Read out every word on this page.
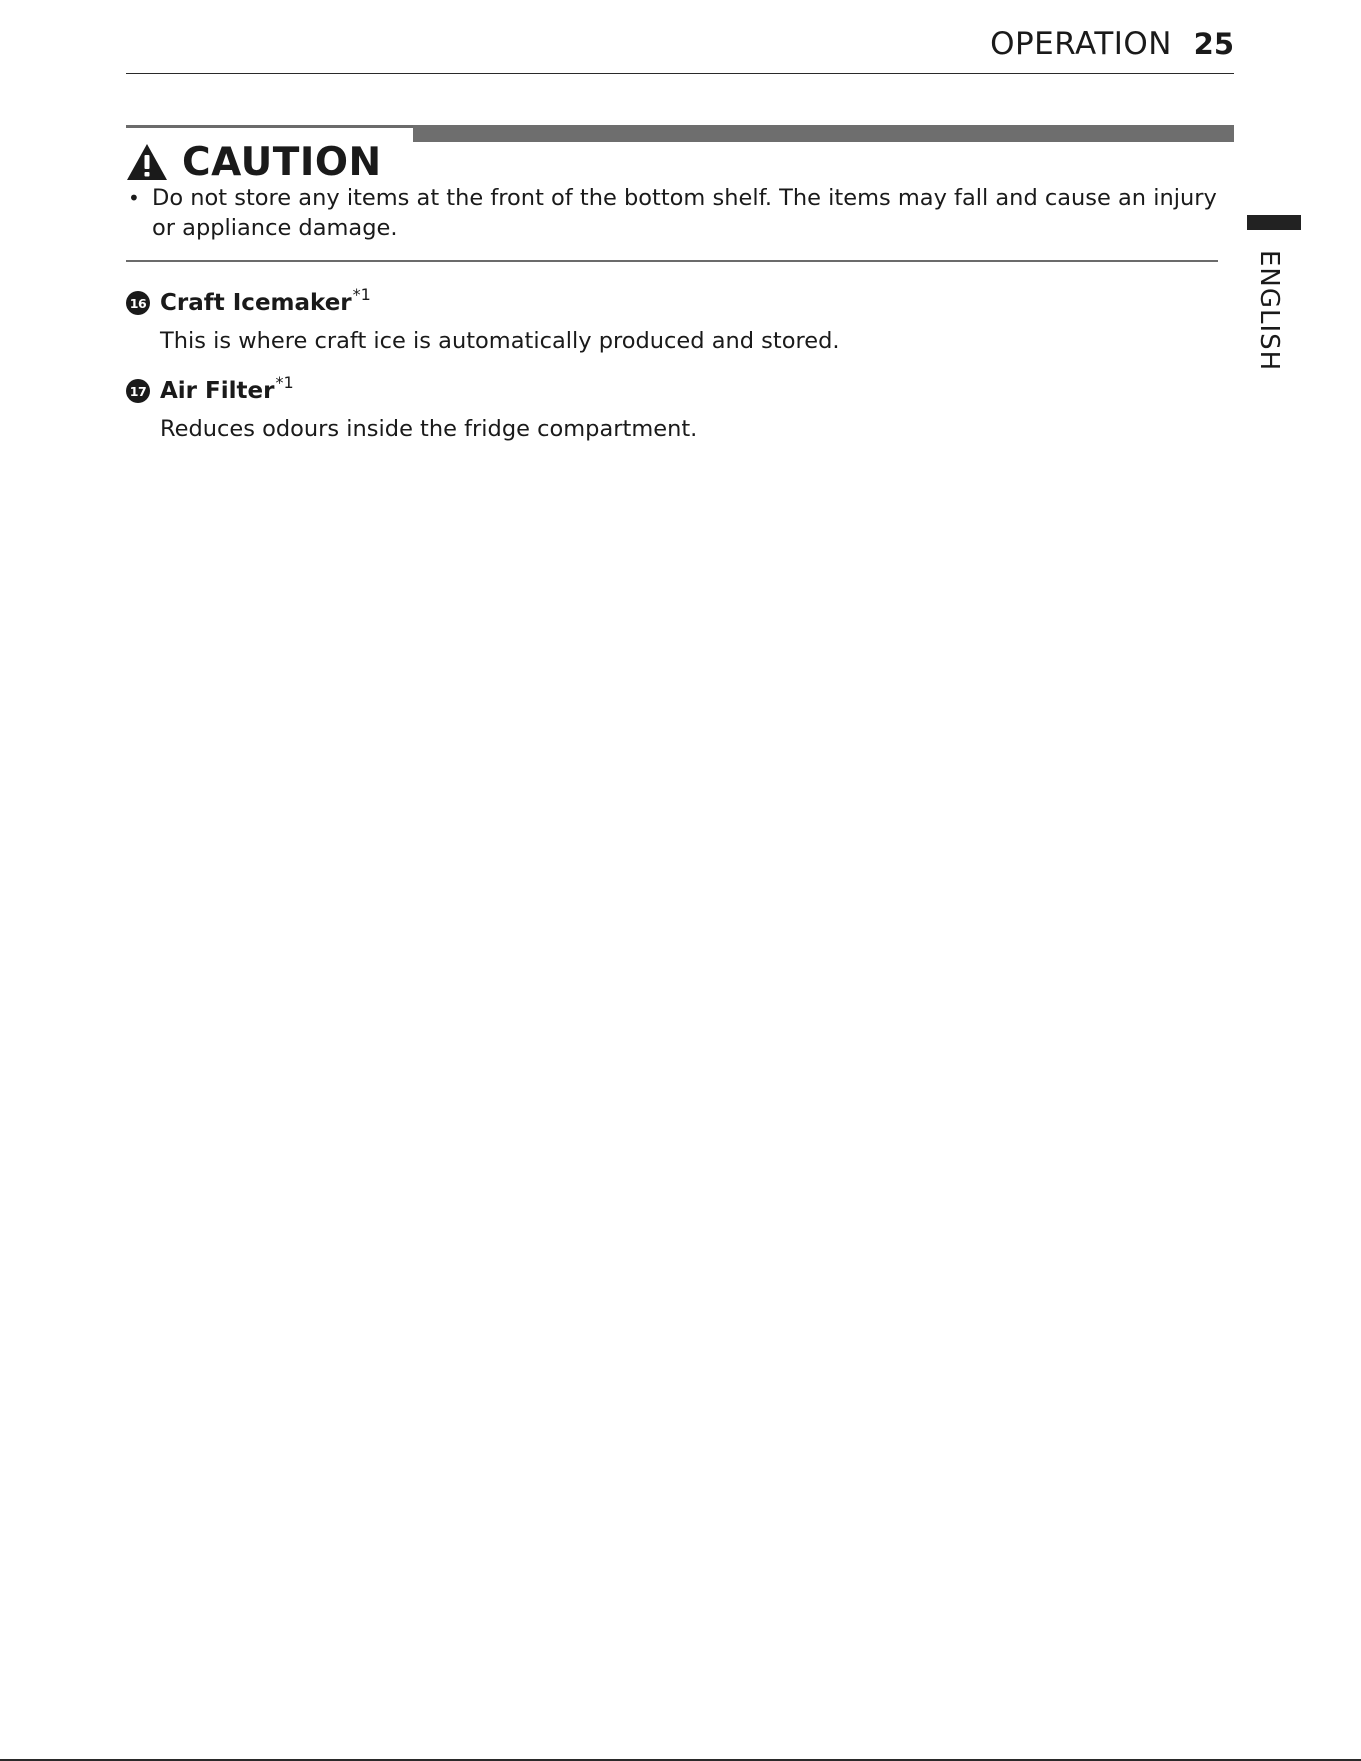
OPERATION 25
ENGLISH
CAUTION
• Do not store any items at the front of the bottom shelf. The items may fall and cause an injury or appliance damage.
16 Craft Icemaker$^{*1}$
This is where craft ice is automatically produced and stored.
17 Air Filter$^{*1}$
Reduces odours inside the fridge compartment.
